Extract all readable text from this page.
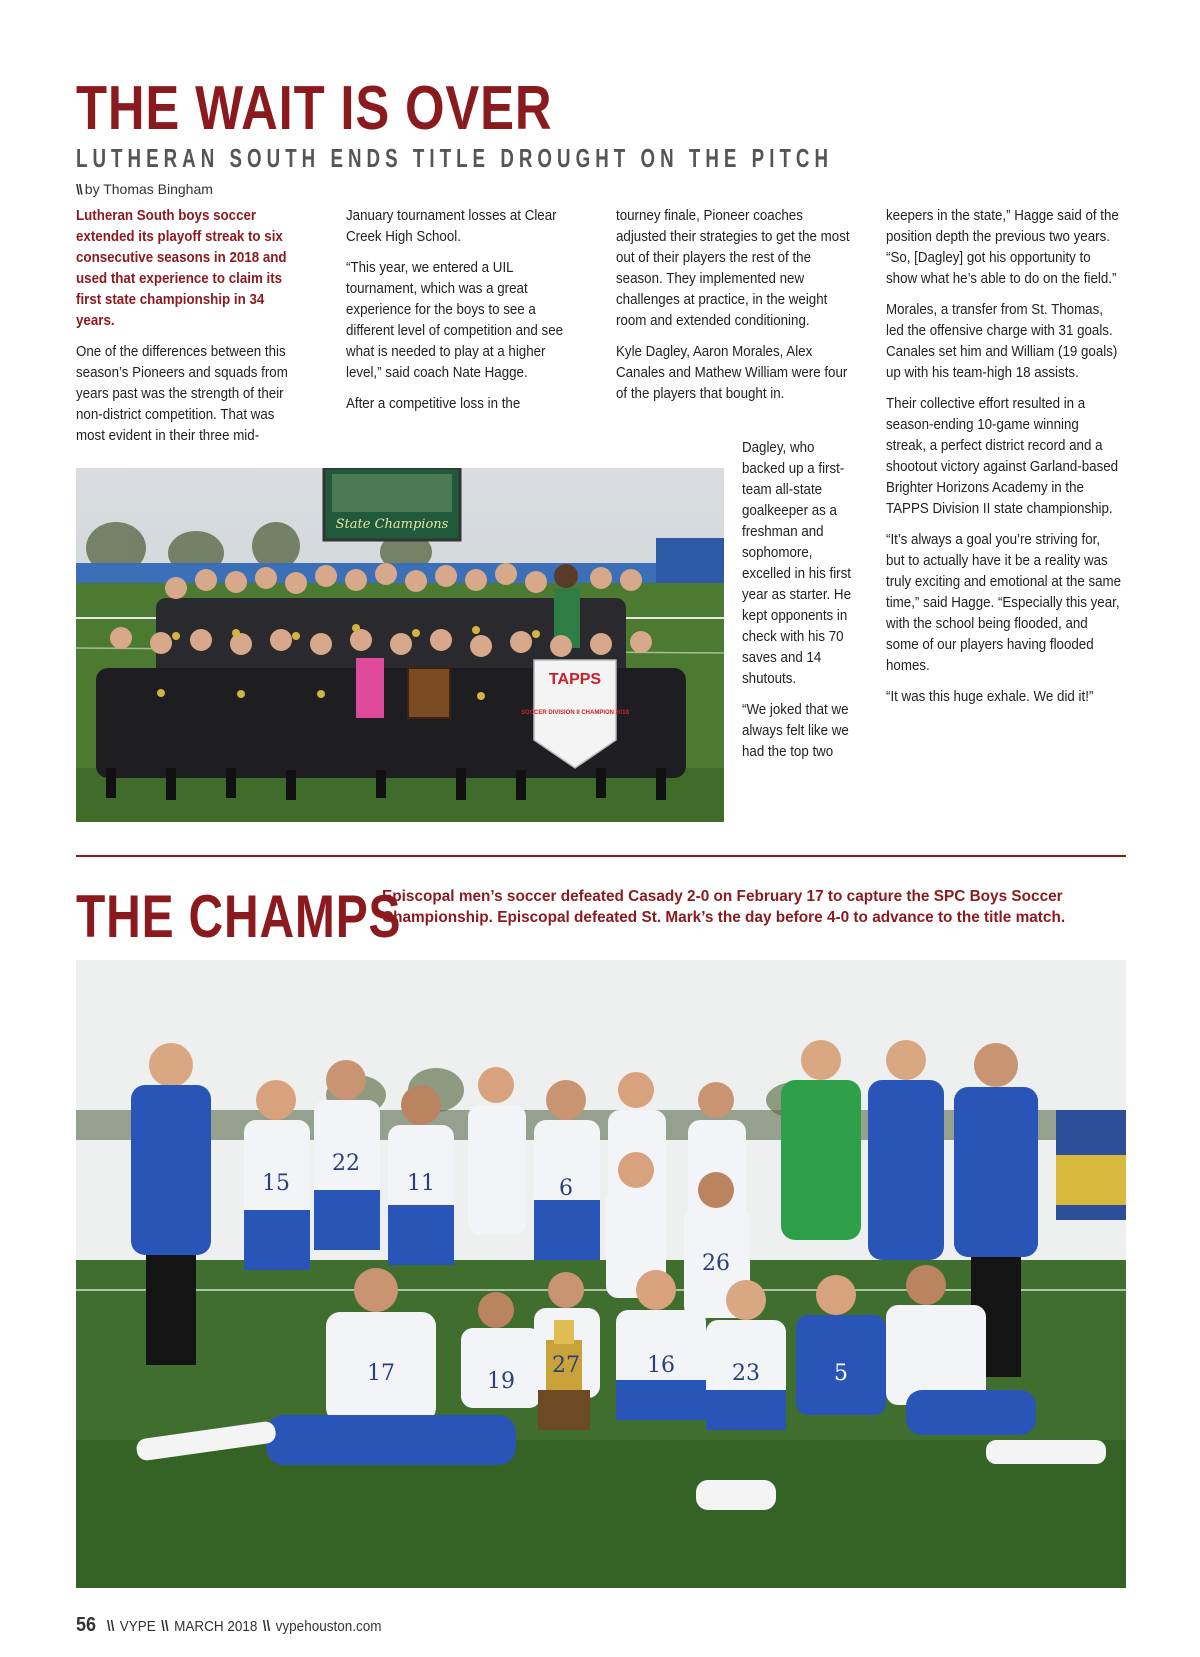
THE WAIT IS OVER
LUTHERAN SOUTH ENDS TITLE DROUGHT ON THE PITCH
\\ by Thomas Bingham

Lutheran South boys soccer extended its playoff streak to six consecutive seasons in 2018 and used that experience to claim its first state championship in 34 years.

One of the differences between this season’s Pioneers and squads from years past was the strength of their non-district competition. That was most evident in their three mid-

January tournament losses at Clear Creek High School.

“This year, we entered a UIL tournament, which was a great experience for the boys to see a different level of competition and see what is needed to play at a higher level,” said coach Nate Hagge.

After a competitive loss in the

tourney finale, Pioneer coaches adjusted their strategies to get the most out of their players the rest of the season. They implemented new challenges at practice, in the weight room and extended conditioning.

Kyle Dagley, Aaron Morales, Alex Canales and Mathew William were four of the players that bought in.

Dagley, who backed up a first-team all-state goalkeeper as a freshman and sophomore, excelled in his first year as starter. He kept opponents in check with his 70 saves and 14 shutouts.

“We joked that we always felt like we had the top two

keepers in the state,” Hagge said of the position depth the previous two years. “So, [Dagley] got his opportunity to show what he’s able to do on the field.”

Morales, a transfer from St. Thomas, led the offensive charge with 31 goals. Canales set him and William (19 goals) up with his team-high 18 assists.

Their collective effort resulted in a season-ending 10-game winning streak, a perfect district record and a shootout victory against Garland-based Brighter Horizons Academy in the TAPPS Division II state championship.

“It’s always a goal you’re striving for, but to actually have it be a reality was truly exciting and emotional at the same time,” said Hagge. “Especially this year, with the school being flooded, and some of our players having flooded homes.

“It was this huge exhale. We did it!”

State Champions
TAPPS
SOCCER DIVISION II CHAMPION 2018
THE CHAMPS
Episcopal men’s soccer defeated Casady 2-0 on February 17 to capture the SPC Boys Soccer Championship. Episcopal defeated St. Mark’s the day before 4-0 to advance to the title match.
15
22
11	6
26
17	19
27	16	23	5
56 \\ VYPE \\ MARCH 2018 \\ vypehouston.com
